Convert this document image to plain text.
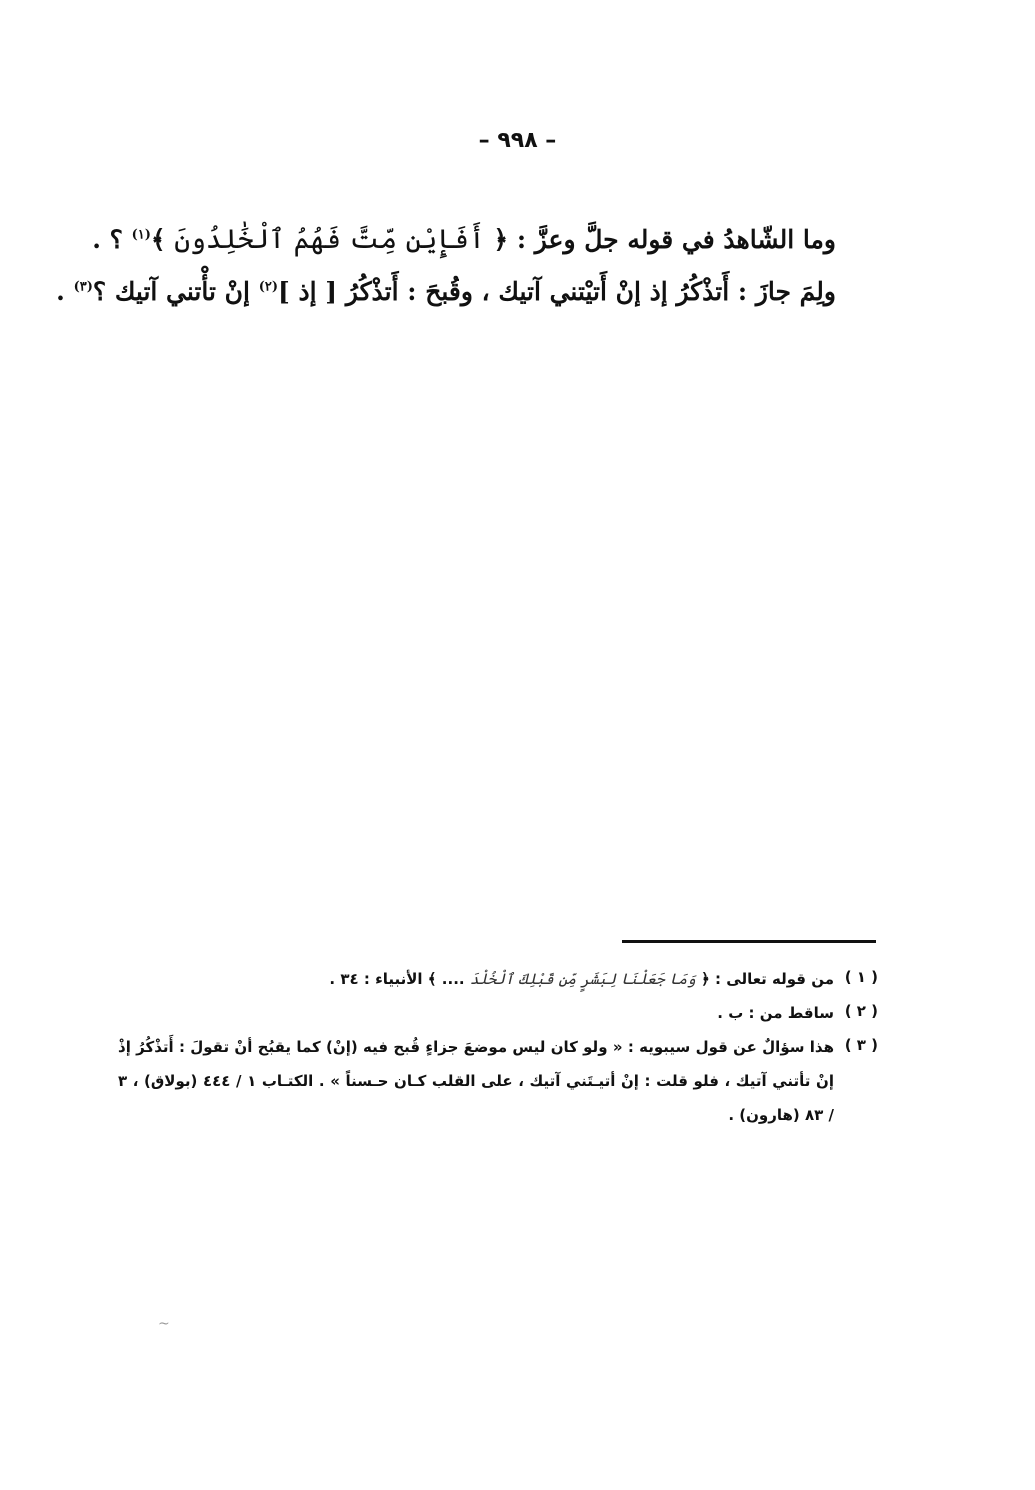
– ٩٩٨ –

وما الشّاهدُ في قوله جلَّ وعزَّ : ﴿ أَفَإِيْن مِّتَّ فَهُمُ ٱلْخَٰلِدُونَ ﴾$^{(١)}$ ؟ .

ولِمَ جازَ : أَتذْكُرُ إذ إنْ أَتيْتني آتيك ، وقُبحَ : أَتذْكُرُ [ إذ ]$^{(٢)}$ إنْ تأْتني آتيك ؟$^{(٣)}$ .

( ١ )
من قوله تعالى : ﴿ وَمَا جَعَلْنَا لِبَشَرٍ مِّن قَبْلِكَ ٱلْخُلْدَ .... ﴾ الأنبياء : ٣٤ .
( ٢ )
ساقط من : ب .
( ٣ )
هذا سؤالٌ عن قول سيبويه : « ولو كان ليس موضعَ جزاءٍ قُبح فيه (إنْ) كما يقبُح أنْ تقولَ : أَتذْكُرُ إذْ إنْ تأتني آتيك ، فلو قلت : إنْ أتيـتَني آتيك ، على القلب كـان حـسناً » . الكتـاب ١ / ٤٤٤ (بولاق) ، ٣ / ٨٣ (هارون) .
~
